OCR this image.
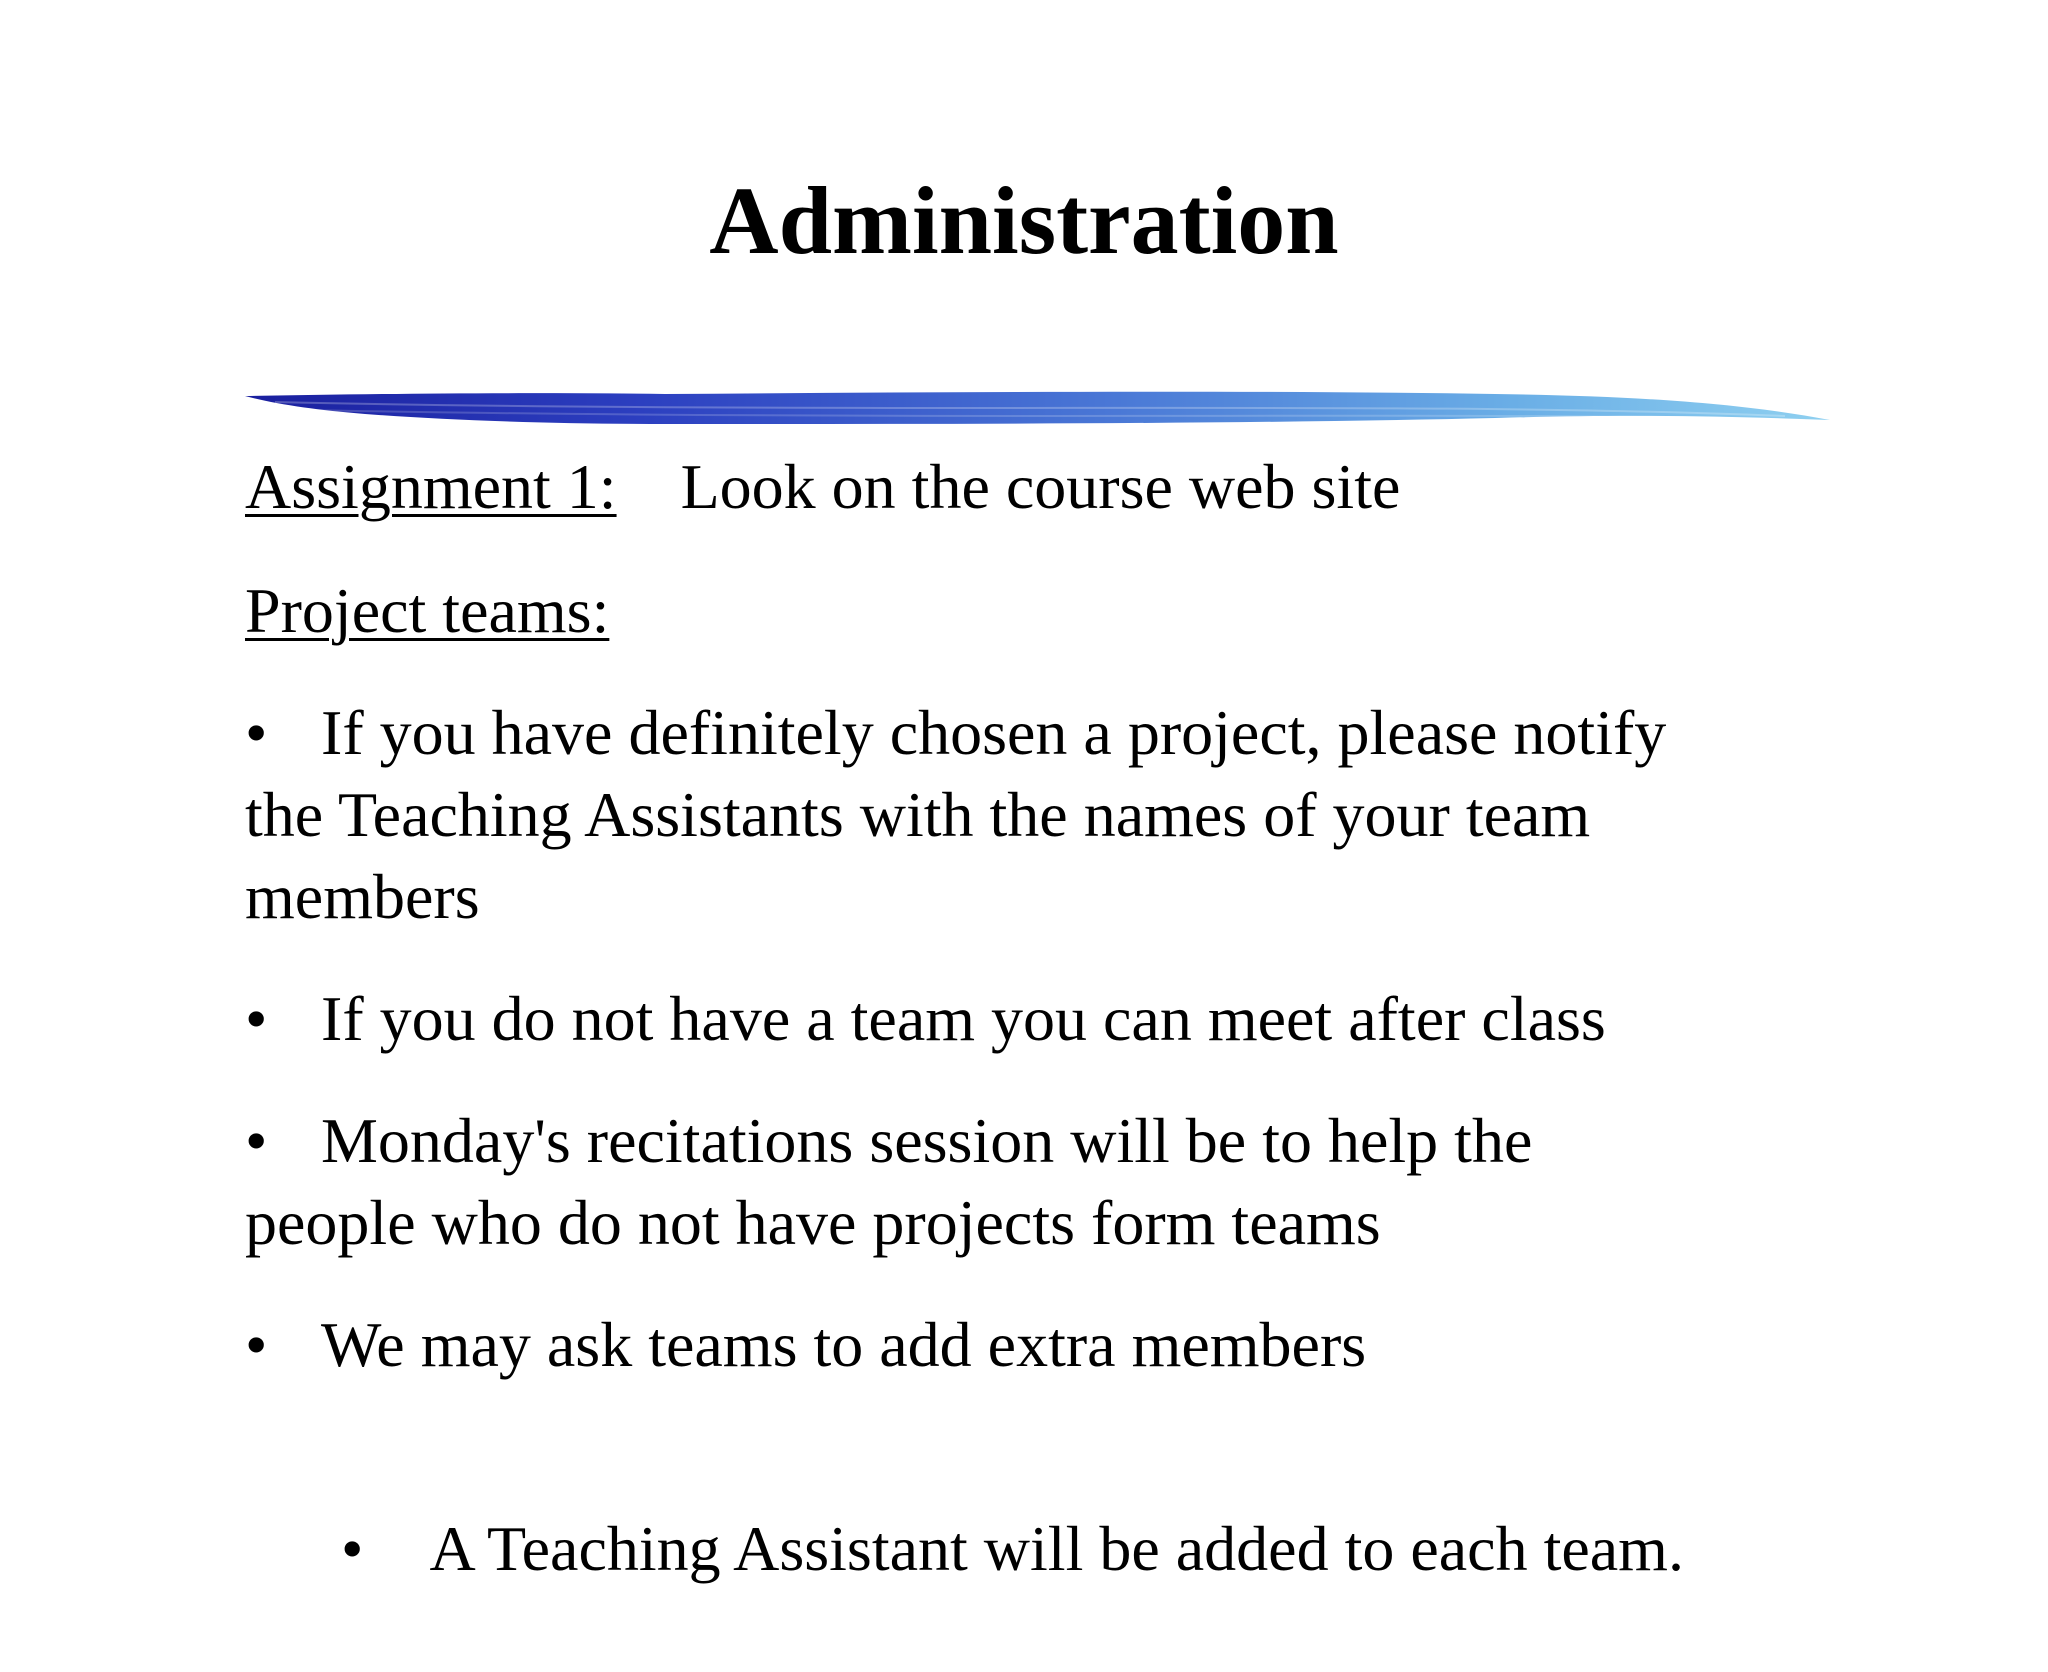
Administration
Assignment 1: Look on the course web site
Project teams:
• If you have definitely chosen a project, please notify
the Teaching Assistants with the names of your team
members
• If you do not have a team you can meet after class
• Monday's recitations session will be to help the
people who do not have projects form teams
• We may ask teams to add extra members

• A Teaching Assistant will be added to each team.
